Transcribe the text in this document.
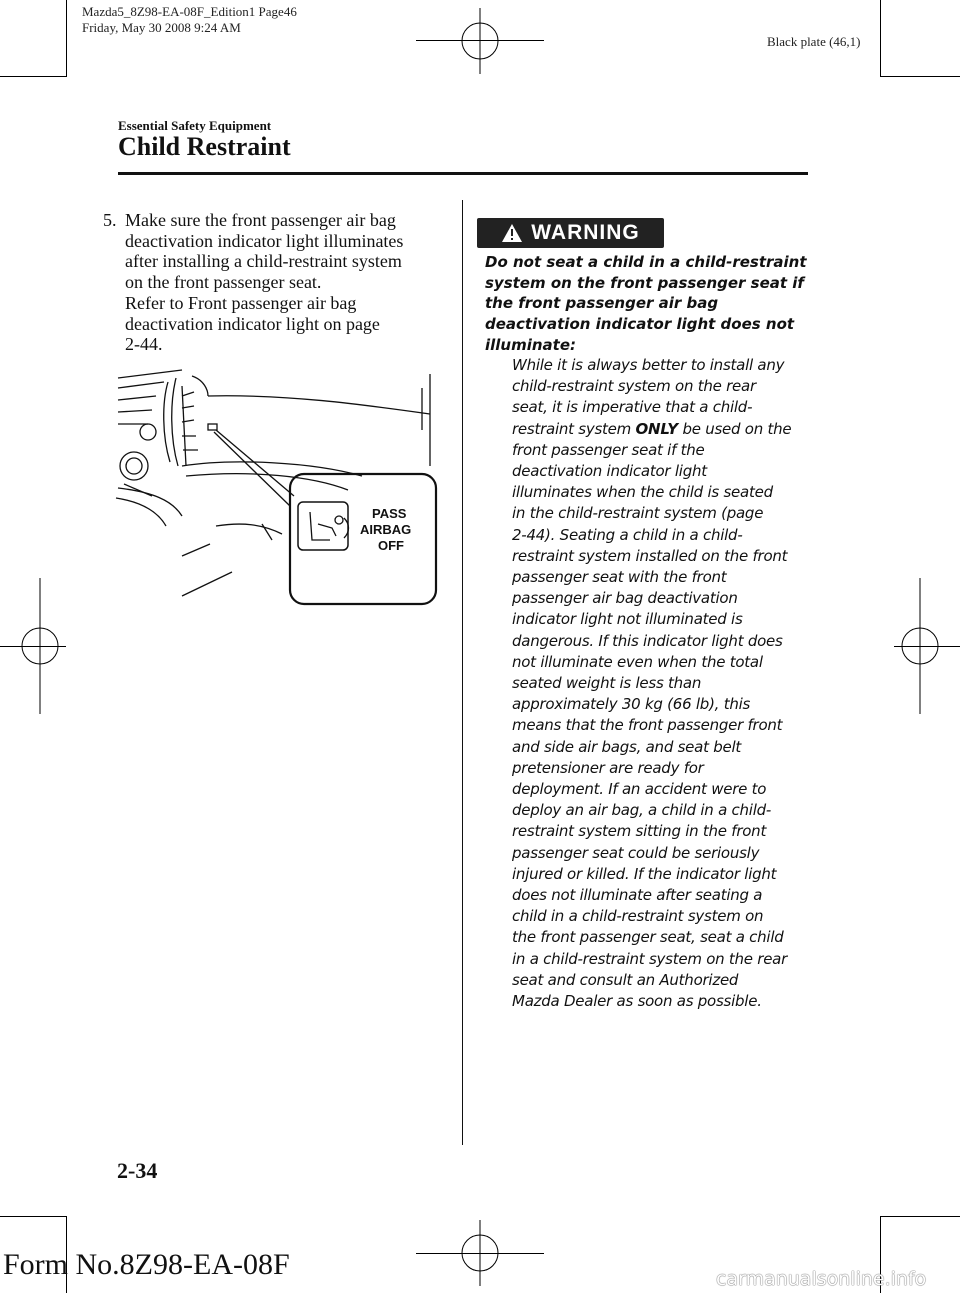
Mazda5_8Z98-EA-08F_Edition1 Page46
Friday, May 30 2008 9:24 AM
Black plate (46,1)
Essential Safety Equipment
Child Restraint

5. Make sure the front passenger air bag

deactivation indicator light illuminates

after installing a child-restraint system

on the front passenger seat.

Refer to Front passenger air bag

deactivation indicator light on page

2-44.

PASS
AIRBAG
OFF
WARNING
Do not seat a child in a child-restraint
system on the front passenger seat if
the front passenger air bag
deactivation indicator light does not
illuminate:
While it is always better to install any
child-restraint system on the rear
seat, it is imperative that a child-
restraint system ONLY be used on the
front passenger seat if the
deactivation indicator light
illuminates when the child is seated
in the child-restraint system (page
2-44). Seating a child in a child-
restraint system installed on the front
passenger seat with the front
passenger air bag deactivation
indicator light not illuminated is
dangerous. If this indicator light does
not illuminate even when the total
seated weight is less than
approximately 30 kg (66 lb), this
means that the front passenger front
and side air bags, and seat belt
pretensioner are ready for
deployment. If an accident were to
deploy an air bag, a child in a child-
restraint system sitting in the front
passenger seat could be seriously
injured or killed. If the indicator light
does not illuminate after seating a
child in a child-restraint system on
the front passenger seat, seat a child
in a child-restraint system on the rear
seat and consult an Authorized
Mazda Dealer as soon as possible.
2-34
Form No.8Z98-EA-08F	carmanualsonline.info
